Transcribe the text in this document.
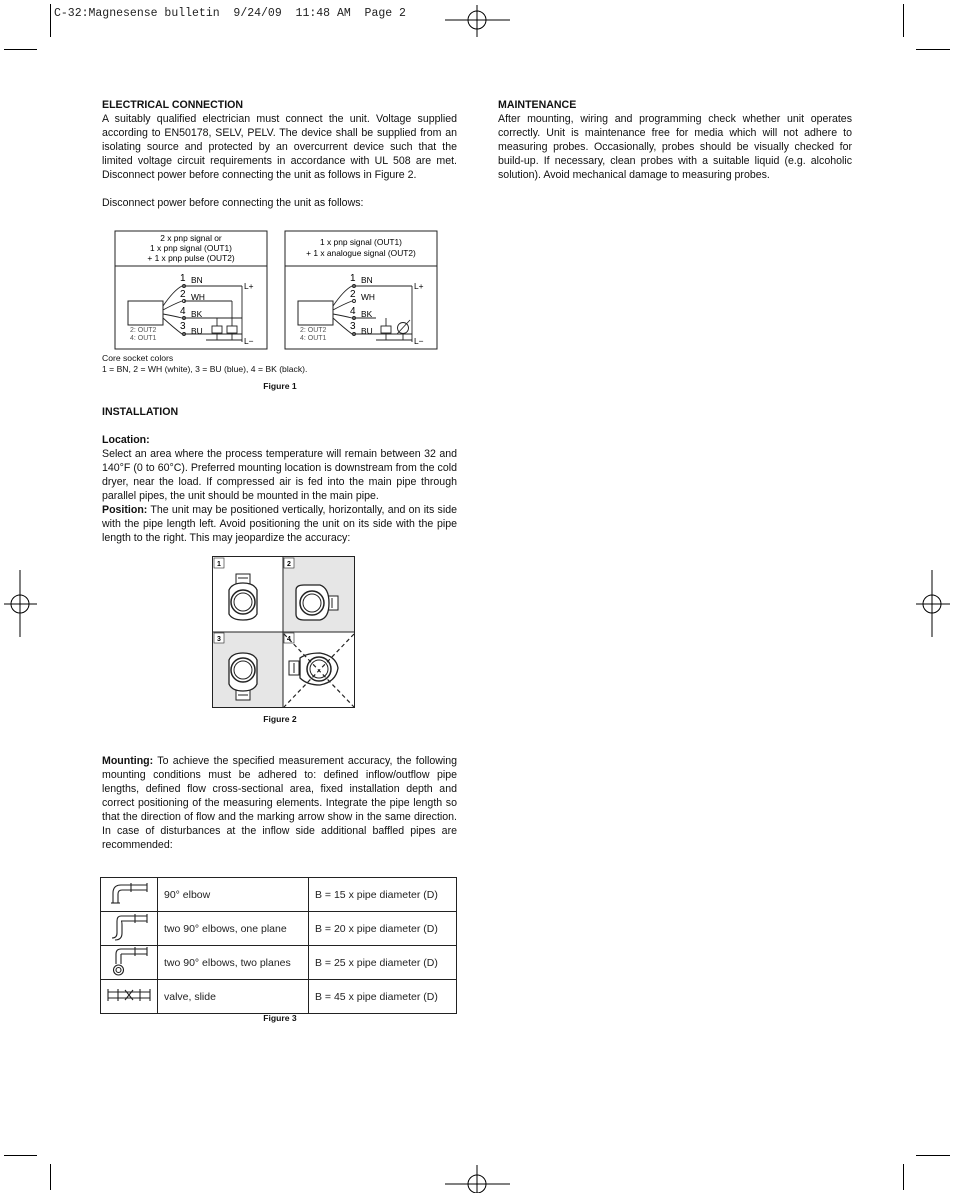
C-32:Magnesense bulletin  9/24/09  11:48 AM  Page 2

ELECTRICAL CONNECTION

A suitably qualified electrician must connect the unit. Voltage supplied according to EN50178, SELV, PELV. The device shall be supplied from an isolating source and protected by an overcurrent device such that the limited voltage circuit requirements in accordance with UL 508 are met. Disconnect power before connecting the unit as follows in Figure 2.

Disconnect power before connecting the unit as follows:
2 x pnp signal or
1 x pnp signal (OUT1)
+ 1 x pnp pulse (OUT2)
2: OUT2
4: OUT1
1 BN
2 WH
4 BK
3 BU
L+
L−
1 x pnp signal (OUT1)
+ 1 x analogue signal (OUT2)
2: OUT2
4: OUT1
1 BN
2 WH
4 BK
3 BU
L+
L−

Core socket colors

1 = BN, 2 = WH (white), 3 = BU (blue), 4 = BK (black).

Figure 1

INSTALLATION

Location:

Select an area where the process temperature will remain between 32 and 140°F (0 to 60°C). Preferred mounting location is downstream from the cold dryer, near the load. If compressed air is fed into the main pipe through parallel pipes, the unit should be mounted in the main pipe.

Position: The unit may be positioned vertically, horizontally, and on its side with the pipe length left. Avoid positioning the unit on its side with the pipe length to the right. This may jeopardize the accuracy:

1	2
3	4
Figure 2

Mounting: To achieve the specified measurement accuracy, the following mounting conditions must be adhered to: defined inflow/outflow pipe lengths, defined flow cross-sectional area, fixed installation depth and correct positioning of the measuring elements. Integrate the pipe length so that the direction of flow and the marking arrow show in the same direction. In case of disturbances at the inflow side additional baffled pipes are recommended:

	90° elbow	B = 15 x pipe diameter (D)
	two 90° elbows, one plane	B = 20 x pipe diameter (D)
	two 90° elbows, two planes	B = 25 x pipe diameter (D)
	valve, slide	B = 45 x pipe diameter (D)
Figure 3

MAINTENANCE

After mounting, wiring and programming check whether unit operates correctly. Unit is maintenance free for media which will not adhere to measuring probes. Occasionally, probes should be visually checked for build-up. If necessary, clean probes with a suitable liquid (e.g. alcoholic solution). Avoid mechanical damage to measuring probes.
